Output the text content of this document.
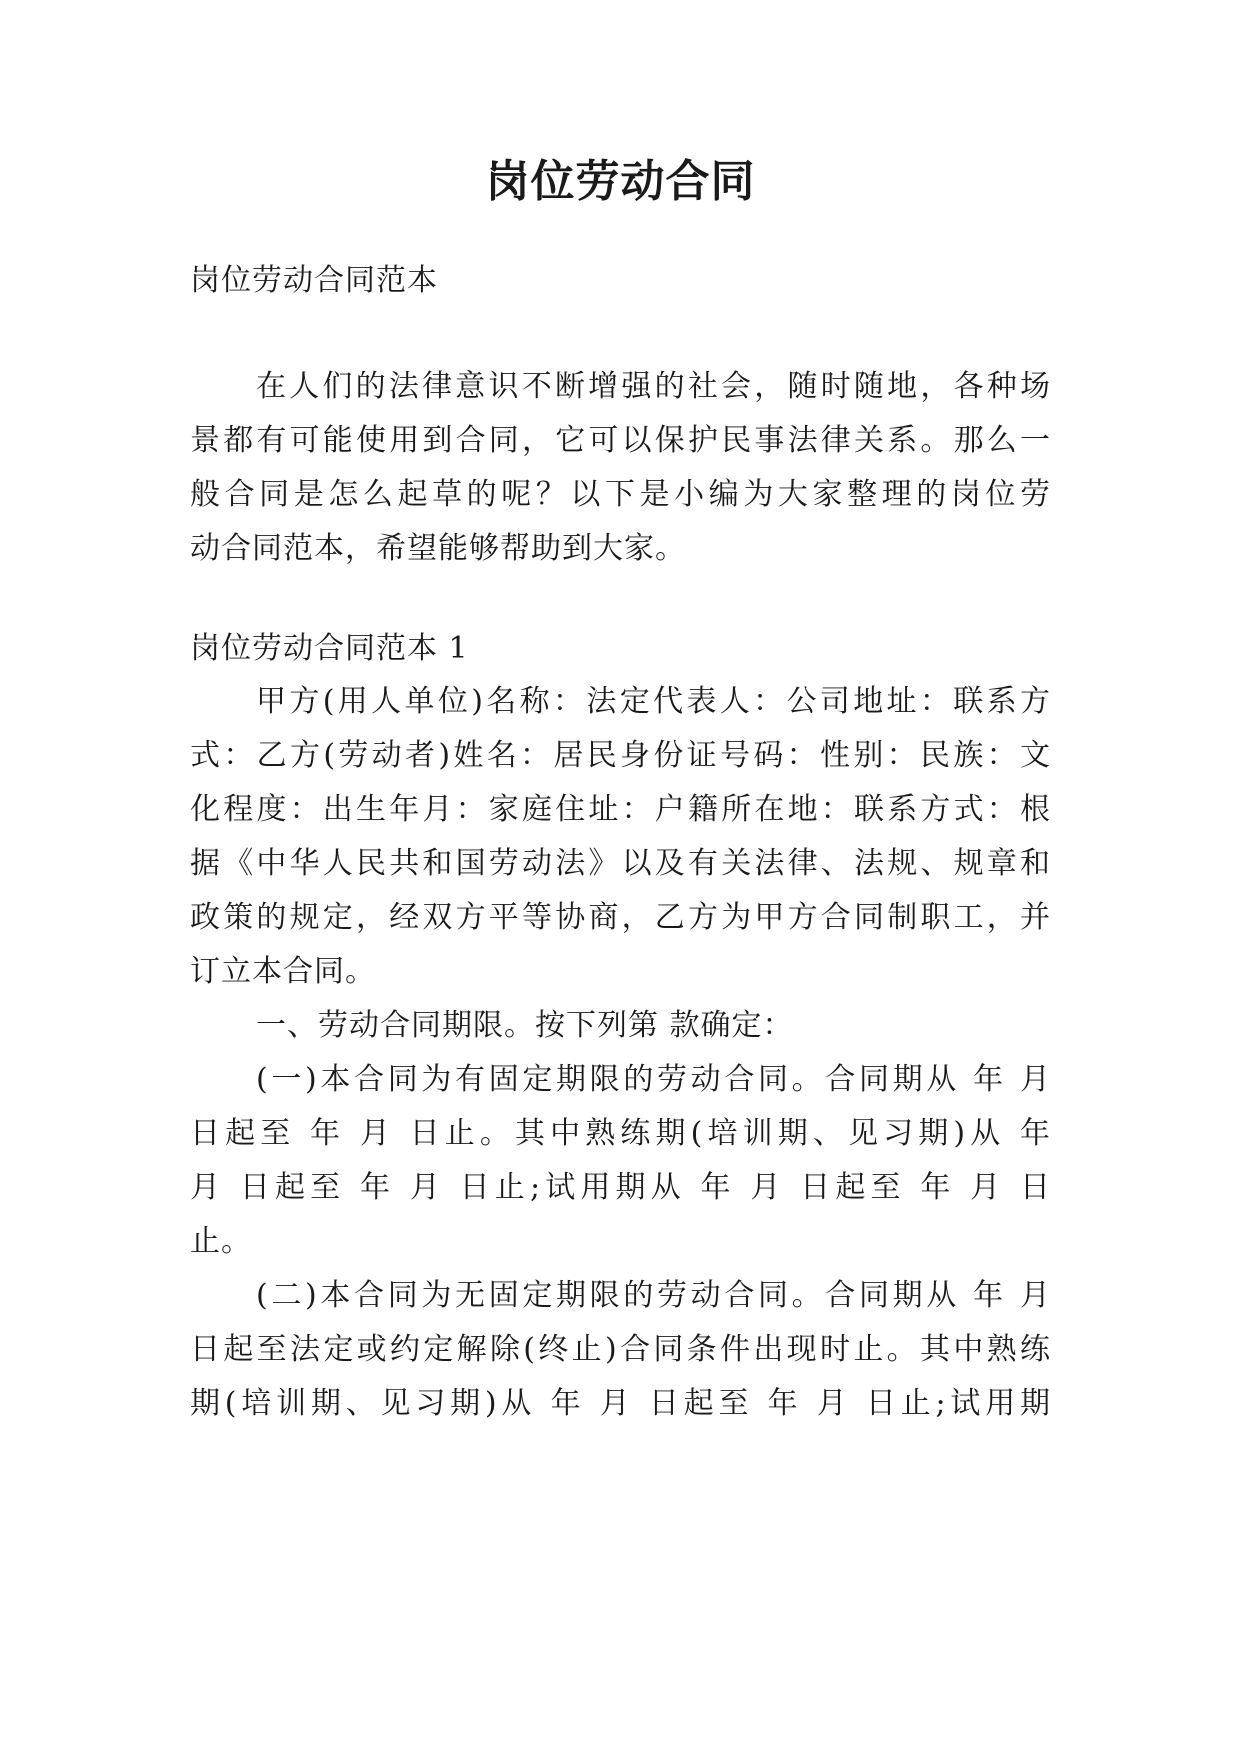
岗位劳动合同

岗位劳动合同范本

在人们的法律意识不断增强的社会，随时随地，各种场

景都有可能使用到合同，它可以保护民事法律关系。那么一

般合同是怎么起草的呢？以下是小编为大家整理的岗位劳

动合同范本，希望能够帮助到大家。

岗位劳动合同范本 1

甲方(用人单位)名称：法定代表人：公司地址：联系方

式：乙方(劳动者)姓名：居民身份证号码：性别：民族：文

化程度：出生年月：家庭住址：户籍所在地：联系方式：根

据《中华人民共和国劳动法》以及有关法律、法规、规章和

政策的规定，经双方平等协商，乙方为甲方合同制职工，并

订立本合同。

一、劳动合同期限。按下列第 款确定：

(一)本合同为有固定期限的劳动合同。合同期从 年 月

日起至 年 月 日止。其中熟练期(培训期、见习期)从 年

月 日起至 年 月 日止;试用期从 年 月 日起至 年 月 日

止。

(二)本合同为无固定期限的劳动合同。合同期从 年 月

日起至法定或约定解除(终止)合同条件出现时止。其中熟练

期(培训期、见习期)从 年 月 日起至 年 月 日止;试用期
